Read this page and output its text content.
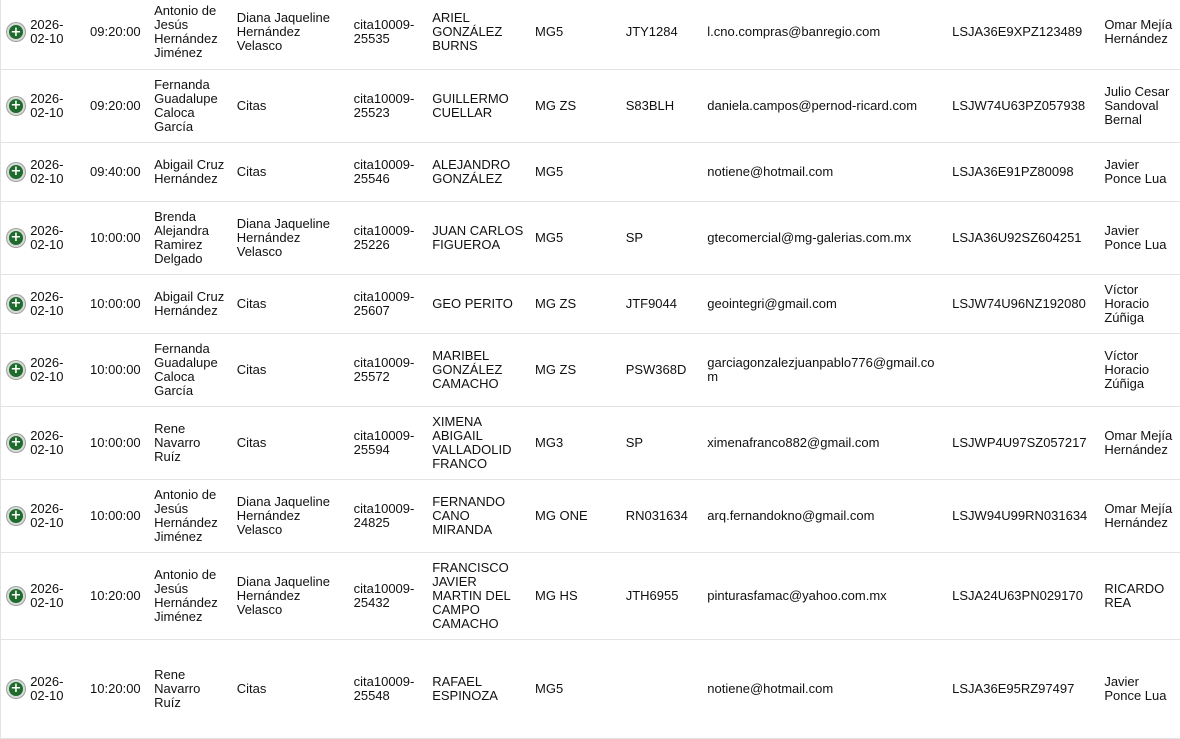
+	2026-02-10	09:20:00	Antonio de Jesús Hernández Jiménez	Diana Jaqueline Hernández Velasco	cita10009-25535	ARIEL GONZÁLEZ BURNS	MG5	JTY1284	l.cno.compras@banregio.com	LSJA36E9XPZ123489	Omar Mejía Hernández

+	2026-02-10	09:20:00	Fernanda Guadalupe Caloca García	Citas	cita10009-25523	GUILLERMO CUELLAR	MG ZS	S83BLH	daniela.campos@pernod-ricard.com	LSJW74U63PZ057938	Julio Cesar Sandoval Bernal

+	2026-02-10	09:40:00	Abigail Cruz Hernández	Citas	cita10009-25546	ALEJANDRO GONZÁLEZ	MG5		notiene@hotmail.com	LSJA36E91PZ80098	Javier Ponce Lua

+	2026-02-10	10:00:00	Brenda Alejandra Ramirez Delgado	Diana Jaqueline Hernández Velasco	cita10009-25226	JUAN CARLOS FIGUEROA	MG5	SP	gtecomercial@mg-galerias.com.mx	LSJA36U92SZ604251	Javier Ponce Lua

+	2026-02-10	10:00:00	Abigail Cruz Hernández	Citas	cita10009-25607	GEO PERITO	MG ZS	JTF9044	geointegri@gmail.com	LSJW74U96NZ192080	Víctor Horacio Zúñiga

+	2026-02-10	10:00:00	Fernanda Guadalupe Caloca García	Citas	cita10009-25572	MARIBEL GONZÁLEZ CAMACHO	MG ZS	PSW368D	garciagonzalezjuanpablo776@gmail.com		Víctor Horacio Zúñiga

+	2026-02-10	10:00:00	Rene Navarro Ruíz	Citas	cita10009-25594	XIMENA ABIGAIL VALLADOLID FRANCO	MG3	SP	ximenafranco882@gmail.com	LSJWP4U97SZ057217	Omar Mejía Hernández

+	2026-02-10	10:00:00	Antonio de Jesús Hernández Jiménez	Diana Jaqueline Hernández Velasco	cita10009-24825	FERNANDO CANO MIRANDA	MG ONE	RN031634	arq.fernandokno@gmail.com	LSJW94U99RN031634	Omar Mejía Hernández

+	2026-02-10	10:20:00	Antonio de Jesús Hernández Jiménez	Diana Jaqueline Hernández Velasco	cita10009-25432	FRANCISCO JAVIER MARTIN DEL CAMPO CAMACHO	MG HS	JTH6955	pinturasfamac@yahoo.com.mx	LSJA24U63PN029170	RICARDO REA

+	2026-02-10	10:20:00	Rene Navarro Ruíz	Citas	cita10009-25548	RAFAEL ESPINOZA	MG5		notiene@hotmail.com	LSJA36E95RZ97497	Javier Ponce Lua
